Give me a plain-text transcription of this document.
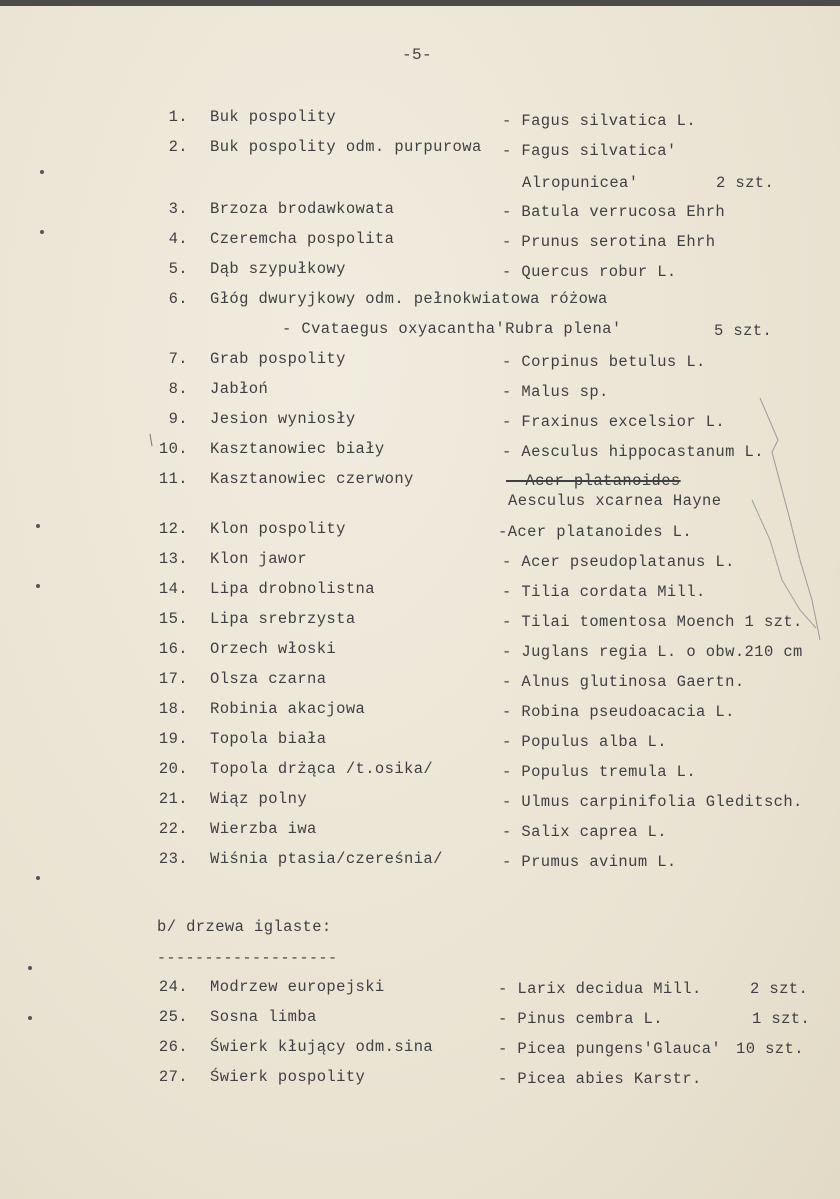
-5-
1. Buk pospolity	- Fagus silvatica L.
2. Buk pospolity odm. purpurowa - Fagus silvatica'
Alropunicea'	2 szt.
3. Brzoza brodawkowata	- Batula verrucosa Ehrh
4. Czeremcha pospolita	- Prunus serotina Ehrh
5. Dąb szypułkowy	- Quercus robur L.
6. Głóg dwuryjkowy odm. pełnokwiatowa różowa
- Cvataegus oxyacantha'Rubra plena'	5 szt.
7. Grab pospolity	- Corpinus betulus L.
8. Jabłoń	- Malus sp.
9. Jesion wyniosły	- Fraxinus excelsior L.
10. Kasztanowiec biały	- Aesculus hippocastanum L.
11. Kasztanowiec czerwony	- Acer platanoides
Aesculus xcarnea Hayne
12. Klon pospolity	-Acer platanoides L.
13. Klon jawor	- Acer pseudoplatanus L.
14. Lipa drobnolistna	- Tilia cordata Mill.
15. Lipa srebrzysta	- Tilai tomentosa Moench 1 szt.
16. Orzech włoski	- Juglans regia L. o obw.210 cm
17. Olsza czarna	- Alnus glutinosa Gaertn.
18. Robinia akacjowa	- Robina pseudoacacia L.
19. Topola biała	- Populus alba L.
20. Topola drżąca /t.osika/	- Populus tremula L.
21. Wiąz polny	- Ulmus carpinifolia Gleditsch.
22. Wierzba iwa	- Salix caprea L.
23. Wiśnia ptasia/czereśnia/	- Prumus avinum L.
b/ drzewa iglaste:
-------------------
24. Modrzew europejski	- Larix decidua Mill.	2 szt.
25. Sosna limba	- Pinus cembra L.	1 szt.
26. Świerk kłujący odm.sina	- Picea pungens'Glauca' 10 szt.
27. Świerk pospolity	- Picea abies Karstr.
